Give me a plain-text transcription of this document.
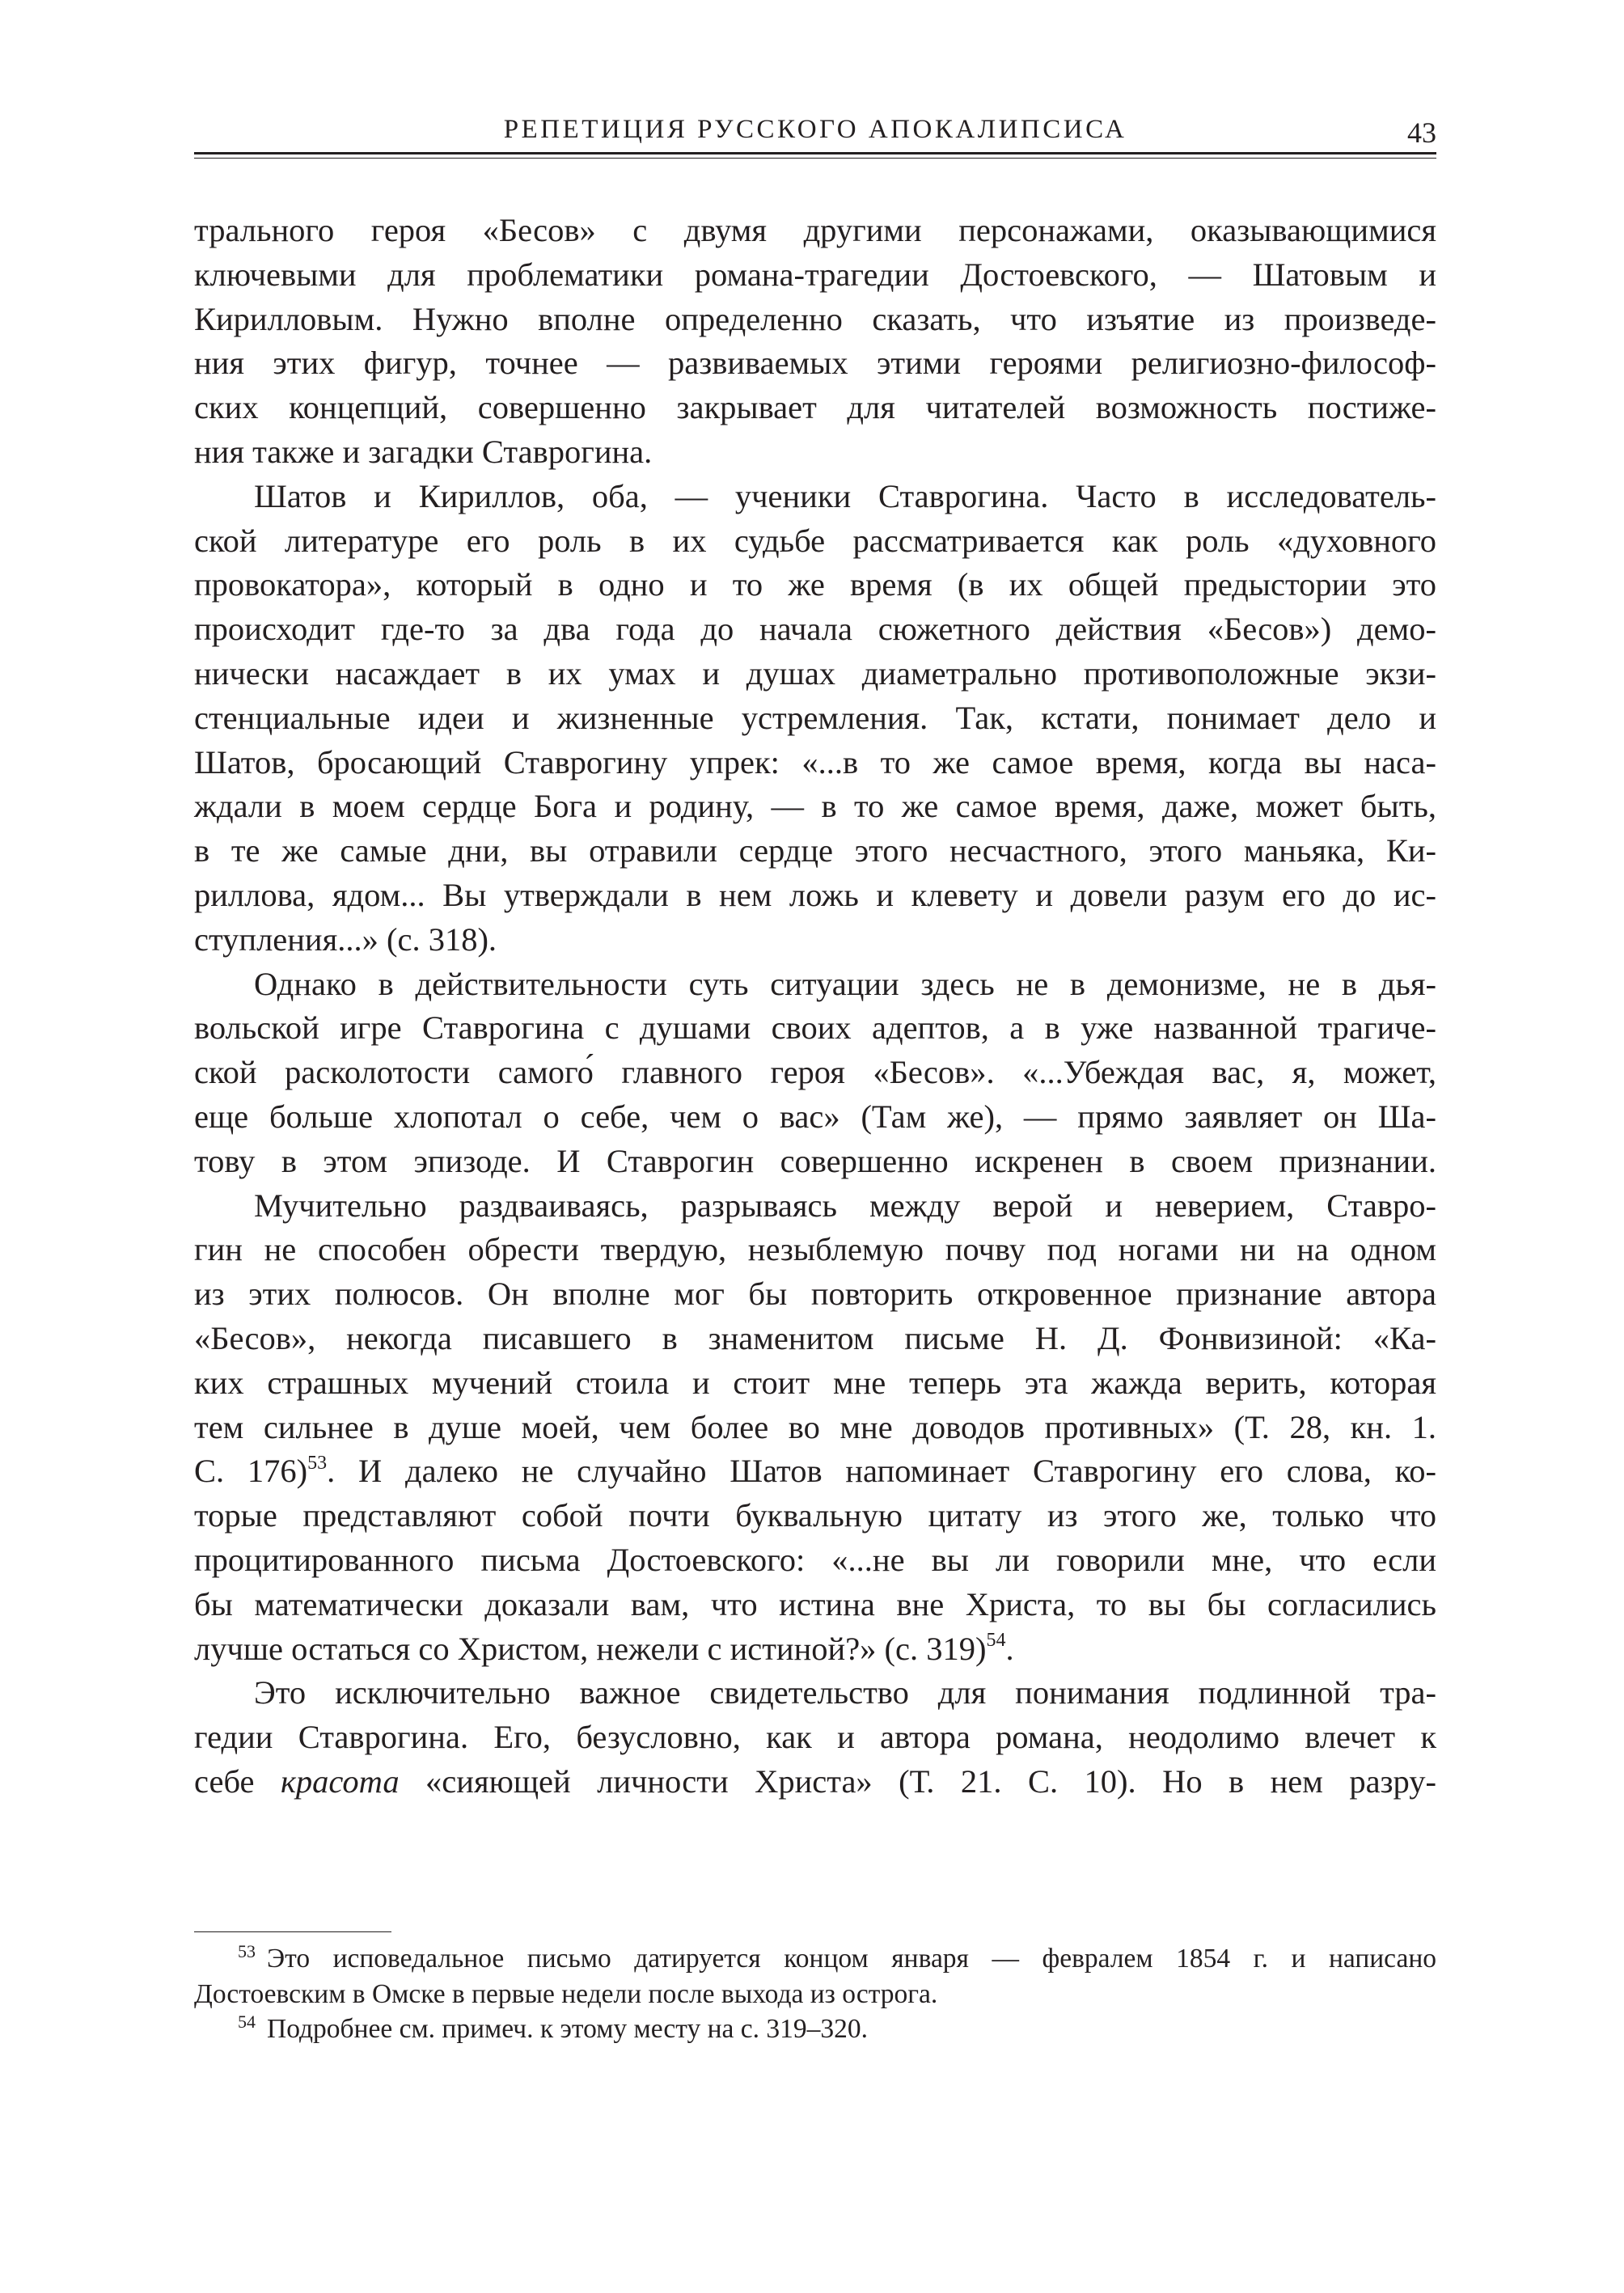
РЕПЕТИЦИЯ РУССКОГО АПОКАЛИПСИСА	43
трального героя «Бесов» с двумя другими персонажами, оказывающимися
ключевыми для проблематики романа-трагедии Достоевского, — Шатовым и
Кирилловым. Нужно вполне определенно сказать, что изъятие из произведе-
ния этих фигур, точнее — развиваемых этими героями религиозно-философ-
ских концепций, совершенно закрывает для читателей возможность постиже-
ния также и загадки Ставрогина.
Шатов и Кириллов, оба, — ученики Ставрогина. Часто в исследователь-
ской литературе его роль в их судьбе рассматривается как роль «духовного
провокатора», который в одно и то же время (в их общей предыстории это
происходит где-то за два года до начала сюжетного действия «Бесов») демо-
нически насаждает в их умах и душах диаметрально противоположные экзи-
стенциальные идеи и жизненные устремления. Так, кстати, понимает дело и
Шатов, бросающий Ставрогину упрек: «...в то же самое время, когда вы наса-
ждали в моем сердце Бога и родину, — в то же самое время, даже, может быть,
в те же самые дни, вы отравили сердце этого несчастного, этого маньяка, Ки-
риллова, ядом... Вы утверждали в нем ложь и клевету и довели разум его до ис-
ступления...» (с. 318).
Однако в действительности суть ситуации здесь не в демонизме, не в дья-
вольской игре Ставрогина с душами своих адептов, а в уже названной трагиче-
ской расколотости самого́ главного героя «Бесов». «...Убеждая вас, я, может,
еще больше хлопотал о себе, чем о вас» (Там же), — прямо заявляет он Ша-
тову в этом эпизоде. И Ставрогин совершенно искренен в своем признании.
Мучительно раздваиваясь, разрываясь между верой и неверием, Ставро-
гин не способен обрести твердую, незыблемую почву под ногами ни на одном
из этих полюсов. Он вполне мог бы повторить откровенное признание автора
«Бесов», некогда писавшего в знаменитом письме Н. Д. Фонвизиной: «Ка-
ких страшных мучений стоила и стоит мне теперь эта жажда верить, которая
тем сильнее в душе моей, чем более во мне доводов противных» (Т. 28, кн. 1.
С. 176)$^{53}$. И далеко не случайно Шатов напоминает Ставрогину его слова, ко-
торые представляют собой почти буквальную цитату из этого же, только что
процитированного письма Достоевского: «...не вы ли говорили мне, что если
бы математически доказали вам, что истина вне Христа, то вы бы согласились
лучше остаться со Христом, нежели с истиной?» (с. 319)$^{54}$.
Это исключительно важное свидетельство для понимания подлинной тра-
гедии Ставрогина. Его, безусловно, как и автора романа, неодолимо влечет к
себе красота «сияющей личности Христа» (Т. 21. С. 10). Но в нем разру-
$^{53}$ Это исповедальное письмо датируется концом января — февралем 1854 г. и написано
Достоевским в Омске в первые недели после выхода из острога.
$^{54}$ Подробнее см. примеч. к этому месту на с. 319–320.
